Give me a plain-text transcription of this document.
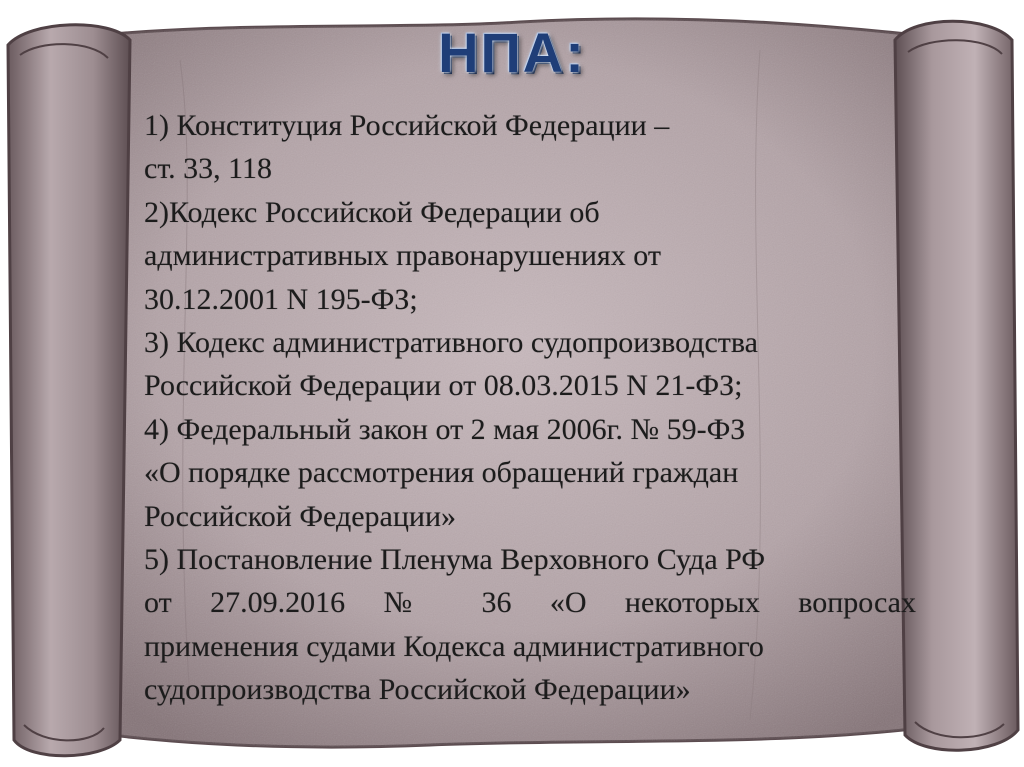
НПА:
1) Конституция Российской Федерации –
ст. 33, 118
2)Кодекс Российской Федерации об
административных правонарушениях от
30.12.2001 N 195-ФЗ;
3) Кодекс административного судопроизводства
Российской Федерации от 08.03.2015 N 21-ФЗ;
4) Федеральный закон от 2 мая 2006г. № 59-ФЗ
«О порядке рассмотрения обращений граждан
Российской Федерации»
5) Постановление Пленума Верховного Суда РФ
от 27.09.2016 № 36 «О некоторых вопросах
применения судами Кодекса административного
судопроизводства Российской Федерации»
